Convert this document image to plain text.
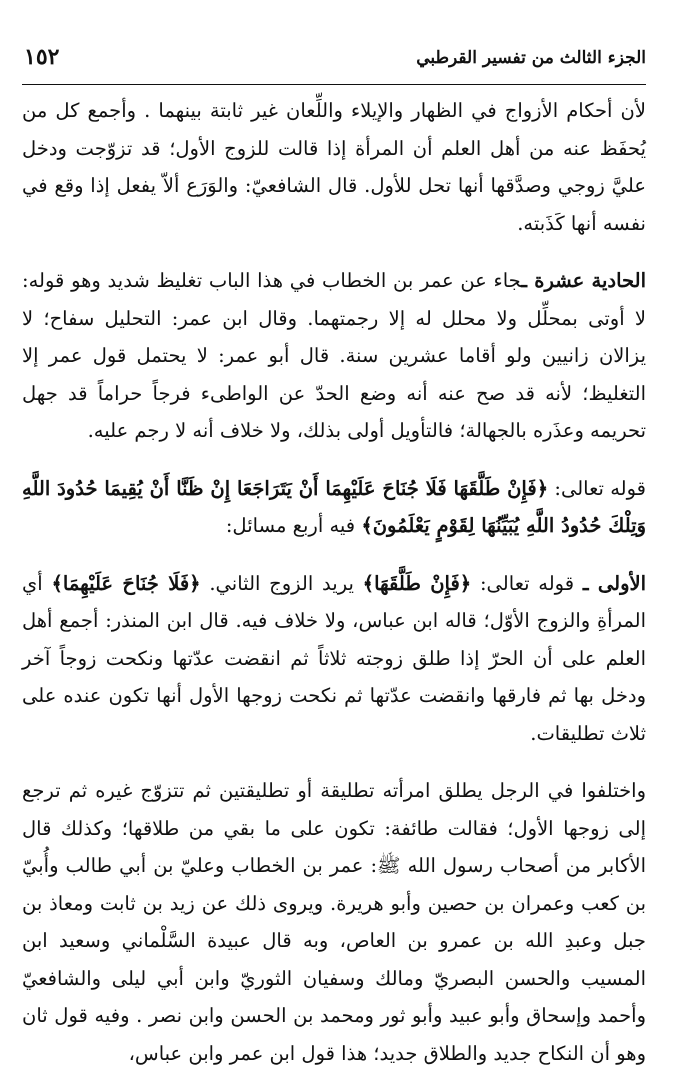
١٥٢	الجزء الثالث من تفسير القرطبي

لأن أحكام الأزواج في الظهار والإيلاء واللِّعان غير ثابتة بينهما . وأجمع كل من يُحفَظ عنه من أهل العلم أن المرأة إذا قالت للزوج الأول؛ قد تزوّجت ودخل عليَّ زوجي وصدَّقها أنها تحل للأول. قال الشافعيّ: والوَرَع ألاّ يفعل إذا وقع في نفسه أنها كَذَبته.

الحادية عشرة ـجاء عن عمر بن الخطاب في هذا الباب تغليظ شديد وهو قوله: لا أوتى بمحلِّل ولا محلل له إلا رجمتهما. وقال ابن عمر: التحليل سفاح؛ لا يزالان زانيين ولو أقاما عشرين سنة. قال أبو عمر: لا يحتمل قول عمر إلا التغليظ؛ لأنه قد صح عنه أنه وضع الحدّ عن الواطىء فرجاً حراماً قد جهل تحريمه وعذَره بالجهالة؛ فالتأويل أولى بذلك، ولا خلاف أنه لا رجم عليه.

قوله تعالى: ﴿فَإِنْ طَلَّقَهَا فَلَا جُنَاحَ عَلَيْهِمَا أَنْ يَتَرَاجَعَا إِنْ ظَنَّا أَنْ يُقِيمَا حُدُودَ اللَّهِ وَتِلْكَ حُدُودُ اللَّهِ يُبَيِّنُهَا لِقَوْمٍ يَعْلَمُونَ﴾ فيه أربع مسائل:

الأولى ـ قوله تعالى: ﴿فَإِنْ طَلَّقَهَا﴾ يريد الزوج الثاني. ﴿فَلَا جُنَاحَ عَلَيْهِمَا﴾ أي المرأةِ والزوج الأوّل؛ قاله ابن عباس، ولا خلاف فيه. قال ابن المنذر: أجمع أهل العلم على أن الحرّ إذا طلق زوجته ثلاثاً ثم انقضت عدّتها ونكحت زوجاً آخر ودخل بها ثم فارقها وانقضت عدّتها ثم نكحت زوجها الأول أنها تكون عنده على ثلاث تطليقات.

واختلفوا في الرجل يطلق امرأته تطليقة أو تطليقتين ثم تتزوّج غيره ثم ترجع إلى زوجها الأول؛ فقالت طائفة: تكون على ما بقي من طلاقها؛ وكذلك قال الأكابر من أصحاب رسول الله ﷺ: عمر بن الخطاب وعليّ بن أبي طالب وأُبيّ بن كعب وعمران بن حصين وأبو هريرة. ويروى ذلك عن زيد بن ثابت ومعاذ بن جبل وعبدِ الله بن عمرو بن العاص، وبه قال عبيدة السَّلْماني وسعيد ابن المسيب والحسن البصريّ ومالك وسفيان الثوريّ وابن أبي ليلى والشافعيّ وأحمد وإسحاق وأبو عبيد وأبو ثور ومحمد بن الحسن وابن نصر . وفيه قول ثان وهو أن النكاح جديد والطلاق جديد؛ هذا قول ابن عمر وابن عباس،
